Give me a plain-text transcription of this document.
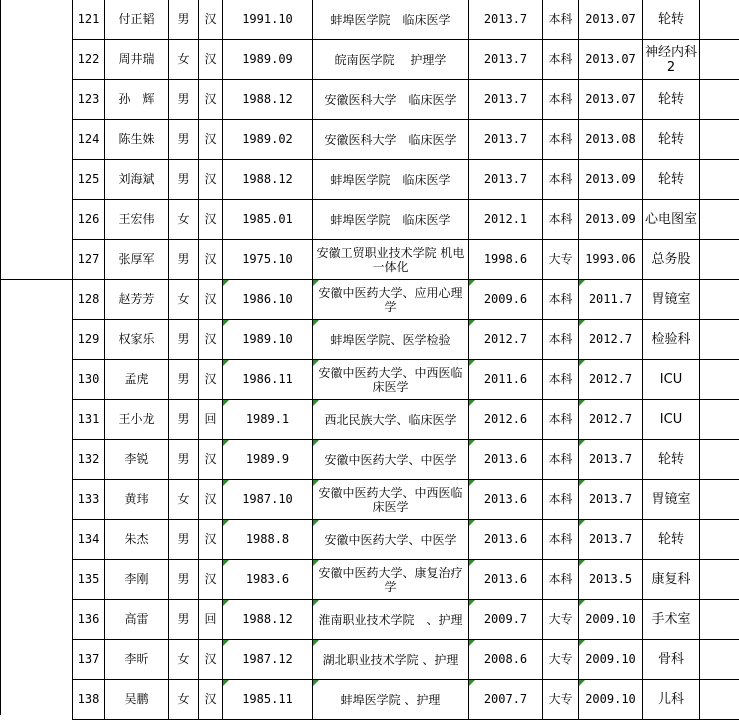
121	付正韬	男	汉	1991.10	蚌埠医学院　临床医学	2013.7	本科	2013.07	轮转	
122	周井瑞	女	汉	1989.09	皖南医学院　 护理学	2013.7	本科	2013.07	神经内科2	
123	孙　辉	男	汉	1988.12	安徽医科大学　临床医学	2013.7	本科	2013.07	轮转	
124	陈生姝	男	汉	1989.02	安徽医科大学　临床医学	2013.7	本科	2013.08	轮转	
125	刘海斌	男	汉	1988.12	蚌埠医学院　临床医学	2013.7	本科	2013.09	轮转	
126	王宏伟	女	汉	1985.01	蚌埠医学院　临床医学	2012.1	本科	2013.09	心电图室	
127	张厚军	男	汉	1975.10	安徽工贸职业技术学院 机电一体化	1998.6	大专	1993.06	总务股	
128	赵芳芳	女	汉	1986.10	安徽中医药大学、应用心理学	2009.6	本科	2011.7	胃镜室	
129	权家乐	男	汉	1989.10	蚌埠医学院、医学检验	2012.7	本科	2012.7	检验科	
130	孟虎	男	汉	1986.11	安徽中医药大学、中西医临床医学	2011.6	本科	2012.7	ICU	
131	王小龙	男	回	1989.1	西北民族大学、临床医学	2012.6	本科	2012.7	ICU	
132	李锐	男	汉	1989.9	安徽中医药大学、中医学	2013.6	本科	2013.7	轮转	
133	黄玮	女	汉	1987.10	安徽中医药大学、中西医临床医学	2013.6	本科	2013.7	胃镜室	
134	朱杰	男	汉	1988.8	安徽中医药大学、中医学	2013.6	本科	2013.7	轮转	
135	李刚	男	汉	1983.6	安徽中医药大学、康复治疗学	2013.6	本科	2013.5	康复科	
136	高雷	男	回	1988.12	淮南职业技术学院　、护理	2009.7	大专	2009.10	手术室	
137	李昕	女	汉	1987.12	湖北职业技术学院 、护理	2008.6	大专	2009.10	骨科	
138	吴鹏	女	汉	1985.11	蚌埠医学院 、护理	2007.7	大专	2009.10	儿科	
